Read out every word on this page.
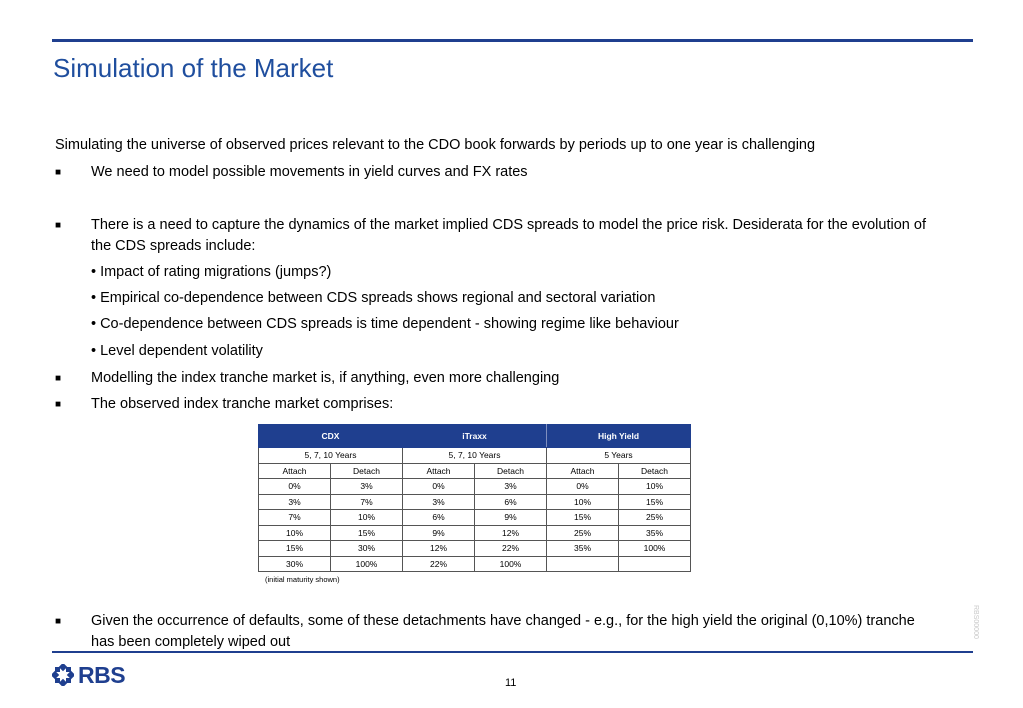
Simulation of the Market
Simulating the universe of observed prices relevant to the CDO book forwards by periods up to one year is challenging
■ We need to model possible movements in yield curves and FX rates
■ There is a need to capture the dynamics of the market implied CDS spreads to model the price risk. Desiderata for the evolution of the CDS spreads include:
• Impact of rating migrations (jumps?)
• Empirical co-dependence between CDS spreads shows regional and sectoral variation
• Co-dependence between CDS spreads is time dependent - showing regime like behaviour
• Level dependent volatility
■ Modelling the index tranche market is, if anything, even more challenging
■ The observed index tranche market comprises:
CDX		iTraxx		High Yield	
5, 7, 10 Years		5, 7, 10 Years		5 Years	
Attach	Detach	Attach	Detach	Attach	Detach
0%	3%	0%	3%	0%	10%
3%	7%	3%	6%	10%	15%
7%	10%	6%	9%	15%	25%
10%	15%	9%	12%	25%	35%
15%	30%	12%	22%	35%	100%
30%	100%	22%	100%		
(initial maturity shown)
■ Given the occurrence of defaults, some of these detachments have changed - e.g., for the high yield the original (0,10%) tranche has been completely wiped out
RBS	11
RBS00000
